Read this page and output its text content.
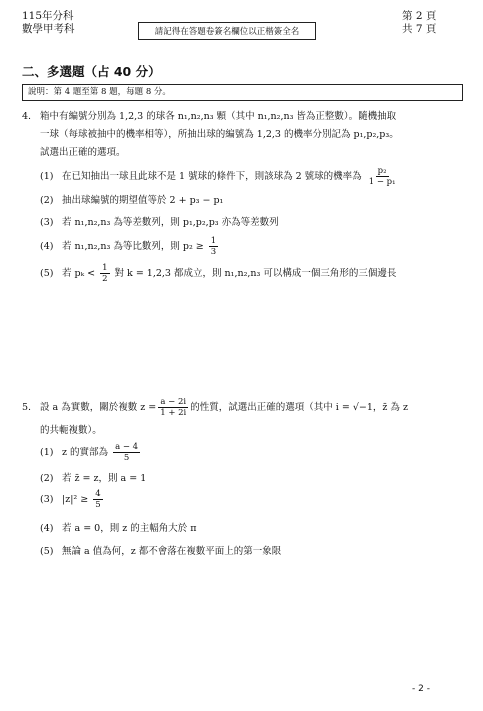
115年分科
數學甲考科	請記得在答題卷簽名欄位以正楷簽全名
第 2 頁
共 7 頁
二、多選題（占 40 分）
說明：第 4 題至第 8 題，每題 8 分。
4. 箱中有編號分別為 1,2,3 的球各 n₁,n₂,n₃ 顆（其中 n₁,n₂,n₃ 皆為正整數）。隨機抽取
一球（每球被抽中的機率相等），所抽出球的編號為 1,2,3 的機率分別記為 p₁,p₂,p₃。
試選出正確的選項。
(1) 在已知抽出一球且此球不是 1 號球的條件下，則該球為 2 號球的機率為 $\frac{\text{p₂}}{\text{1 − p₁}}$
(2) 抽出球編號的期望值等於 2 + p₃ − p₁
(3) 若 n₁,n₂,n₃ 為等差數列，則 p₁,p₂,p₃ 亦為等差數列
(4) 若 n₁,n₂,n₃ 為等比數列，則 $p_2 \ge \frac{1}{3}$
(5) 若 $p_k < \frac{1}{2}$ 對 k = 1,2,3 都成立，則 n₁,n₂,n₃ 可以構成一個三角形的三個邊長
5. 設 a 為實數，關於複數 $z = \frac{a - 2i}{1 + 2i}$ 的性質，試選出正確的選項（其中 i = √−1，z̄ 為 z
的共軛複數）。
(1) z 的實部為 $\frac{a - 4}{5}$
(2) 若 z̄ = z，則 a = 1
(3) $|z|^2 \ge \frac{4}{5}$
(4) 若 a = 0，則 z 的主幅角大於 π
(5) 無論 a 值為何，z 都不會落在複數平面上的第一象限
- 2 -
